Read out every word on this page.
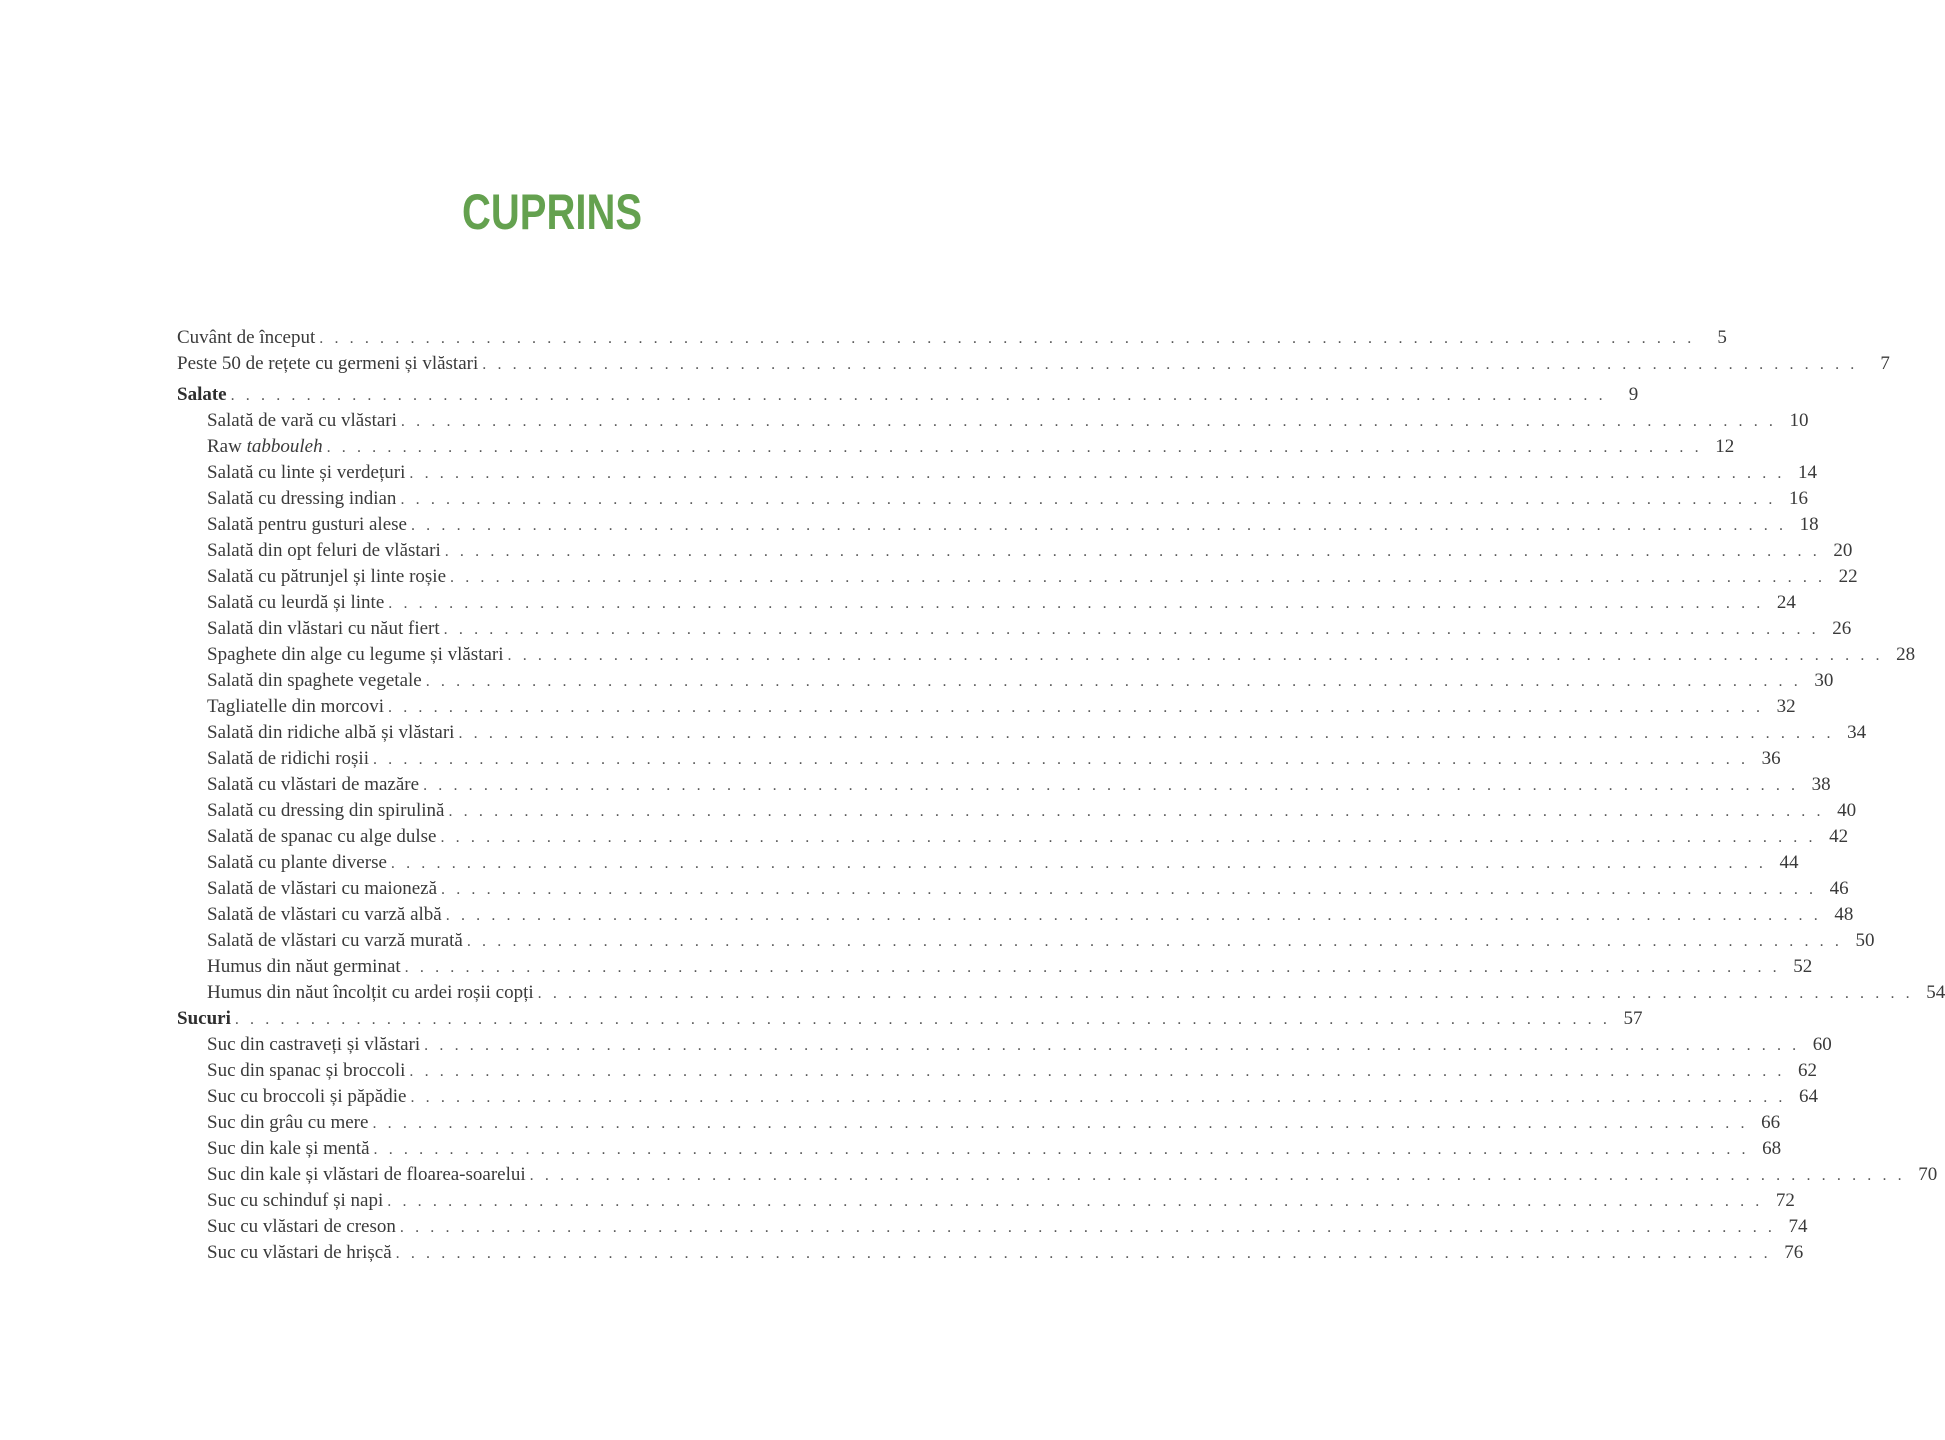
CUPRINS
Cuvânt de început . . . . . . . . . . . . . . . . . . . . . . . . . . . . . . . . . . . . . . . . . . . . . . . . . . . . . . . . . . . . . . . . . . . . . . . . . . . . . . . . . . . . . . . . . . .	5
Peste 50 de rețete cu germeni și vlăstari . . . . . . . . . . . . . . . . . . . . . . . . . . . . . . . . . . . . . . . . . . . . . . . . . . . . . . . . . . . . . . . . . . . . . . . . . . . . . . . . . . . . . . . . . . .	7
Salate . . . . . . . . . . . . . . . . . . . . . . . . . . . . . . . . . . . . . . . . . . . . . . . . . . . . . . . . . . . . . . . . . . . . . . . . . . . . . . . . . . . . . . . . . . .	9
Salată de vară cu vlăstari . . . . . . . . . . . . . . . . . . . . . . . . . . . . . . . . . . . . . . . . . . . . . . . . . . . . . . . . . . . . . . . . . . . . . . . . . . . . . . . . . . . . . . . . . . . 10
Raw tabbouleh . . . . . . . . . . . . . . . . . . . . . . . . . . . . . . . . . . . . . . . . . . . . . . . . . . . . . . . . . . . . . . . . . . . . . . . . . . . . . . . . . . . . . . . . . . . 12
Salată cu linte și verdețuri . . . . . . . . . . . . . . . . . . . . . . . . . . . . . . . . . . . . . . . . . . . . . . . . . . . . . . . . . . . . . . . . . . . . . . . . . . . . . . . . . . . . . . . . . . . 14
Salată cu dressing indian . . . . . . . . . . . . . . . . . . . . . . . . . . . . . . . . . . . . . . . . . . . . . . . . . . . . . . . . . . . . . . . . . . . . . . . . . . . . . . . . . . . . . . . . . . . 16
Salată pentru gusturi alese . . . . . . . . . . . . . . . . . . . . . . . . . . . . . . . . . . . . . . . . . . . . . . . . . . . . . . . . . . . . . . . . . . . . . . . . . . . . . . . . . . . . . . . . . . . 18
Salată din opt feluri de vlăstari . . . . . . . . . . . . . . . . . . . . . . . . . . . . . . . . . . . . . . . . . . . . . . . . . . . . . . . . . . . . . . . . . . . . . . . . . . . . . . . . . . . . . . . . . . . 20
Salată cu pătrunjel și linte roșie . . . . . . . . . . . . . . . . . . . . . . . . . . . . . . . . . . . . . . . . . . . . . . . . . . . . . . . . . . . . . . . . . . . . . . . . . . . . . . . . . . . . . . . . . . . 22
Salată cu leurdă și linte . . . . . . . . . . . . . . . . . . . . . . . . . . . . . . . . . . . . . . . . . . . . . . . . . . . . . . . . . . . . . . . . . . . . . . . . . . . . . . . . . . . . . . . . . . . 24
Salată din vlăstari cu năut fiert . . . . . . . . . . . . . . . . . . . . . . . . . . . . . . . . . . . . . . . . . . . . . . . . . . . . . . . . . . . . . . . . . . . . . . . . . . . . . . . . . . . . . . . . . . . 26
Spaghete din alge cu legume și vlăstari . . . . . . . . . . . . . . . . . . . . . . . . . . . . . . . . . . . . . . . . . . . . . . . . . . . . . . . . . . . . . . . . . . . . . . . . . . . . . . . . . . . . . . . . . . . 28
Salată din spaghete vegetale . . . . . . . . . . . . . . . . . . . . . . . . . . . . . . . . . . . . . . . . . . . . . . . . . . . . . . . . . . . . . . . . . . . . . . . . . . . . . . . . . . . . . . . . . . . 30
Tagliatelle din morcovi . . . . . . . . . . . . . . . . . . . . . . . . . . . . . . . . . . . . . . . . . . . . . . . . . . . . . . . . . . . . . . . . . . . . . . . . . . . . . . . . . . . . . . . . . . . 32
Salată din ridiche albă și vlăstari . . . . . . . . . . . . . . . . . . . . . . . . . . . . . . . . . . . . . . . . . . . . . . . . . . . . . . . . . . . . . . . . . . . . . . . . . . . . . . . . . . . . . . . . . . . 34
Salată de ridichi roșii . . . . . . . . . . . . . . . . . . . . . . . . . . . . . . . . . . . . . . . . . . . . . . . . . . . . . . . . . . . . . . . . . . . . . . . . . . . . . . . . . . . . . . . . . . . 36
Salată cu vlăstari de mazăre . . . . . . . . . . . . . . . . . . . . . . . . . . . . . . . . . . . . . . . . . . . . . . . . . . . . . . . . . . . . . . . . . . . . . . . . . . . . . . . . . . . . . . . . . . . 38
Salată cu dressing din spirulină . . . . . . . . . . . . . . . . . . . . . . . . . . . . . . . . . . . . . . . . . . . . . . . . . . . . . . . . . . . . . . . . . . . . . . . . . . . . . . . . . . . . . . . . . . . 40
Salată de spanac cu alge dulse . . . . . . . . . . . . . . . . . . . . . . . . . . . . . . . . . . . . . . . . . . . . . . . . . . . . . . . . . . . . . . . . . . . . . . . . . . . . . . . . . . . . . . . . . . . 42
Salată cu plante diverse . . . . . . . . . . . . . . . . . . . . . . . . . . . . . . . . . . . . . . . . . . . . . . . . . . . . . . . . . . . . . . . . . . . . . . . . . . . . . . . . . . . . . . . . . . . 44
Salată de vlăstari cu maioneză . . . . . . . . . . . . . . . . . . . . . . . . . . . . . . . . . . . . . . . . . . . . . . . . . . . . . . . . . . . . . . . . . . . . . . . . . . . . . . . . . . . . . . . . . . . 46
Salată de vlăstari cu varză albă . . . . . . . . . . . . . . . . . . . . . . . . . . . . . . . . . . . . . . . . . . . . . . . . . . . . . . . . . . . . . . . . . . . . . . . . . . . . . . . . . . . . . . . . . . . 48
Salată de vlăstari cu varză murată . . . . . . . . . . . . . . . . . . . . . . . . . . . . . . . . . . . . . . . . . . . . . . . . . . . . . . . . . . . . . . . . . . . . . . . . . . . . . . . . . . . . . . . . . . . 50
Humus din năut germinat . . . . . . . . . . . . . . . . . . . . . . . . . . . . . . . . . . . . . . . . . . . . . . . . . . . . . . . . . . . . . . . . . . . . . . . . . . . . . . . . . . . . . . . . . . . 52
Humus din năut încolțit cu ardei roșii copți . . . . . . . . . . . . . . . . . . . . . . . . . . . . . . . . . . . . . . . . . . . . . . . . . . . . . . . . . . . . . . . . . . . . . . . . . . . . . . . . . . . . . . . . . . . 54
Sucuri . . . . . . . . . . . . . . . . . . . . . . . . . . . . . . . . . . . . . . . . . . . . . . . . . . . . . . . . . . . . . . . . . . . . . . . . . . . . . . . . . . . . . . . . . . . 57
Suc din castraveți și vlăstari . . . . . . . . . . . . . . . . . . . . . . . . . . . . . . . . . . . . . . . . . . . . . . . . . . . . . . . . . . . . . . . . . . . . . . . . . . . . . . . . . . . . . . . . . . . 60
Suc din spanac și broccoli . . . . . . . . . . . . . . . . . . . . . . . . . . . . . . . . . . . . . . . . . . . . . . . . . . . . . . . . . . . . . . . . . . . . . . . . . . . . . . . . . . . . . . . . . . . 62
Suc cu broccoli și păpădie . . . . . . . . . . . . . . . . . . . . . . . . . . . . . . . . . . . . . . . . . . . . . . . . . . . . . . . . . . . . . . . . . . . . . . . . . . . . . . . . . . . . . . . . . . . 64
Suc din grâu cu mere . . . . . . . . . . . . . . . . . . . . . . . . . . . . . . . . . . . . . . . . . . . . . . . . . . . . . . . . . . . . . . . . . . . . . . . . . . . . . . . . . . . . . . . . . . . 66
Suc din kale și mentă . . . . . . . . . . . . . . . . . . . . . . . . . . . . . . . . . . . . . . . . . . . . . . . . . . . . . . . . . . . . . . . . . . . . . . . . . . . . . . . . . . . . . . . . . . . 68
Suc din kale și vlăstari de floarea-soarelui . . . . . . . . . . . . . . . . . . . . . . . . . . . . . . . . . . . . . . . . . . . . . . . . . . . . . . . . . . . . . . . . . . . . . . . . . . . . . . . . . . . . . . . . . . . 70
Suc cu schinduf și napi . . . . . . . . . . . . . . . . . . . . . . . . . . . . . . . . . . . . . . . . . . . . . . . . . . . . . . . . . . . . . . . . . . . . . . . . . . . . . . . . . . . . . . . . . . . 72
Suc cu vlăstari de creson . . . . . . . . . . . . . . . . . . . . . . . . . . . . . . . . . . . . . . . . . . . . . . . . . . . . . . . . . . . . . . . . . . . . . . . . . . . . . . . . . . . . . . . . . . . 74
Suc cu vlăstari de hrișcă . . . . . . . . . . . . . . . . . . . . . . . . . . . . . . . . . . . . . . . . . . . . . . . . . . . . . . . . . . . . . . . . . . . . . . . . . . . . . . . . . . . . . . . . . . . 76
